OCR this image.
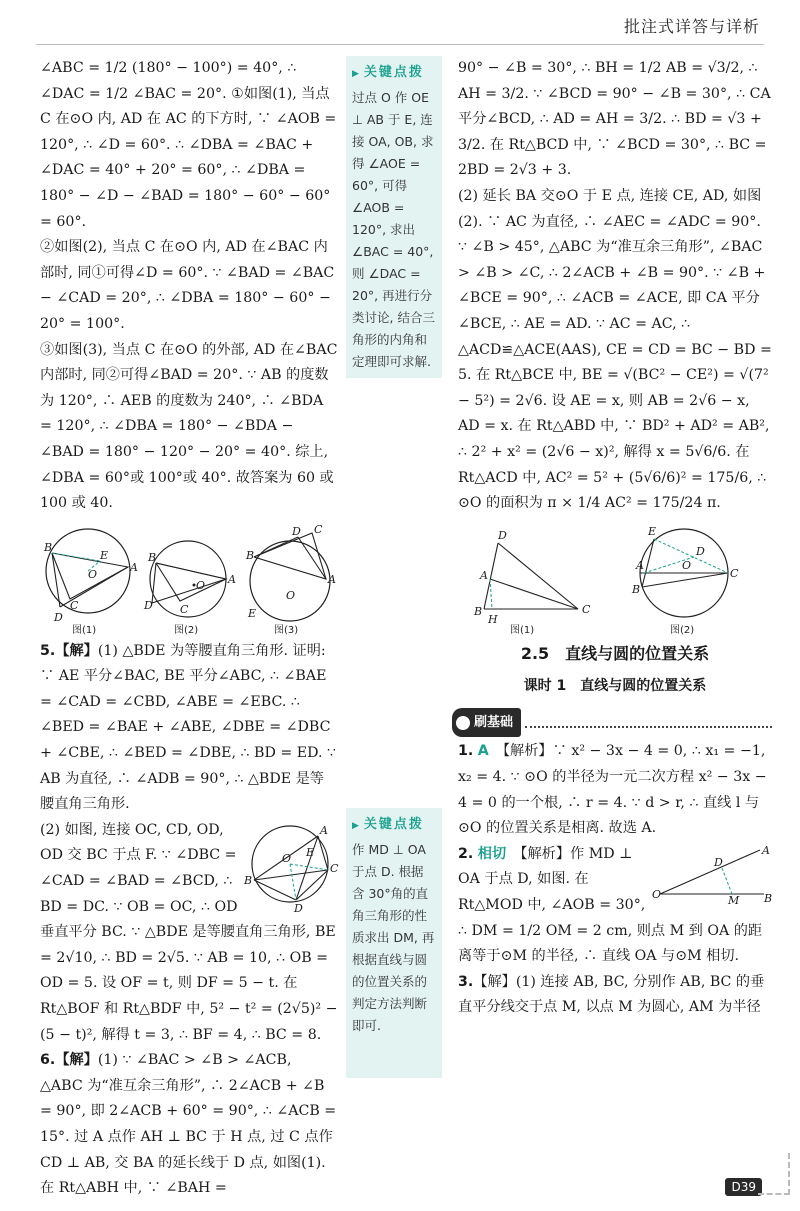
批注式详答与详析

∠ABC = 1/2 (180° − 100°) = 40°, ∴ ∠DAC = 1/2 ∠BAC = 20°. ①如图(1), 当点 C 在⊙O 内, AD 在 AC 的下方时, ∵ ∠AOB = 120°, ∴ ∠D = 60°. ∴ ∠DBA = ∠BAC + ∠DAC = 40° + 20° = 60°, ∴ ∠DBA = 180° − ∠D − ∠BAD = 180° − 60° − 60° = 60°.

②如图(2), 当点 C 在⊙O 内, AD 在∠BAC 内部时, 同①可得∠D = 60°. ∵ ∠BAD = ∠BAC − ∠CAD = 20°, ∴ ∠DBA = 180° − 60° − 20° = 100°.

③如图(3), 当点 C 在⊙O 的外部, AD 在∠BAC 内部时, 同②可得∠BAD = 20°. ∵ AB 的度数为 120°, ∴ AEB 的度数为 240°, ∴ ∠BDA = 120°, ∴ ∠DBA = 180° − ∠BDA − ∠BAD = 180° − 120° − 20° = 40°. 综上, ∠DBA = 60°或 100°或 40°. 故答案为 60 或 100 或 40.

B
A
C
D
E
O
图(1)
B
A
D C
O
图(2)
B
A
D C
E
O
图(3)

5.【解】(1) △BDE 为等腰直角三角形. 证明: ∵ AE 平分∠BAC, BE 平分∠ABC, ∴ ∠BAE = ∠CAD = ∠CBD, ∠ABE = ∠EBC. ∴ ∠BED = ∠BAE + ∠ABE, ∠DBE = ∠DBC + ∠CBE, ∴ ∠BED = ∠DBE, ∴ BD = ED. ∵ AB 为直径, ∴ ∠ADB = 90°, ∴ △BDE 是等腰直角三角形.

B
A
C
D
O E

(2) 如图, 连接 OC, CD, OD, OD 交 BC 于点 F. ∵ ∠DBC = ∠CAD = ∠BAD = ∠BCD, ∴ BD = DC. ∵ OB = OC, ∴ OD 垂直平分 BC. ∵ △BDE 是等腰直角三角形, BE = 2√10, ∴ BD = 2√5. ∵ AB = 10, ∴ OB = OD = 5. 设 OF = t, 则 DF = 5 − t. 在 Rt△BOF 和 Rt△BDF 中, 5² − t² = (2√5)² − (5 − t)², 解得 t = 3, ∴ BF = 4, ∴ BC = 8.

6.【解】(1) ∵ ∠BAC > ∠B > ∠ACB, △ABC 为“准互余三角形”, ∴ 2∠ACB + ∠B = 90°, 即 2∠ACB + 60° = 90°, ∴ ∠ACB = 15°. 过 A 点作 AH ⊥ BC 于 H 点, 过 C 点作 CD ⊥ AB, 交 BA 的延长线于 D 点, 如图(1). 在 Rt△ABH 中, ∵ ∠BAH =

▶ 关键点拨
过点 O 作 OE ⊥ AB 于 E, 连接 OA, OB, 求得 ∠AOE = 60°, 可得 ∠AOB = 120°, 求出 ∠BAC = 40°, 则 ∠DAC = 20°, 再进行分类讨论, 结合三角形的内角和定理即可求解.
▶ 关键点拨
作 MD ⊥ OA 于点 D. 根据含 30°角的直角三角形的性质求出 DM, 再根据直线与圆的位置关系的判定方法判断即可.

90° − ∠B = 30°, ∴ BH = 1/2 AB = √3/2, ∴ AH = 3/2. ∵ ∠BCD = 90° − ∠B = 30°, ∴ CA 平分∠BCD, ∴ AD = AH = 3/2. ∴ BD = √3 + 3/2. 在 Rt△BCD 中, ∵ ∠BCD = 30°, ∴ BC = 2BD = 2√3 + 3.

(2) 延长 BA 交⊙O 于 E 点, 连接 CE, AD, 如图(2). ∵ AC 为直径, ∴ ∠AEC = ∠ADC = 90°. ∵ ∠B > 45°, △ABC 为“准互余三角形”, ∠BAC > ∠B > ∠C, ∴ 2∠ACB + ∠B = 90°. ∵ ∠B + ∠BCE = 90°, ∴ ∠ACB = ∠ACE, 即 CA 平分∠BCE, ∴ AE = AD. ∵ AC = AC, ∴ △ACD≌△ACE(AAS), CE = CD = BC − BD = 5. 在 Rt△BCE 中, BE = √(BC² − CE²) = √(7² − 5²) = 2√6. 设 AE = x, 则 AB = 2√6 − x, AD = x. 在 Rt△ABD 中, ∵ BD² + AD² = AB², ∴ 2² + x² = (2√6 − x)², 解得 x = 5√6/6. 在 Rt△ACD 中, AC² = 5² + (5√6/6)² = 175/6, ∴ ⊙O 的面积为 π × 1/4 AC² = 175/24 π.

D
A
B
H
C
图(1)
E
A
B
D
O
C
图(2)
2.5　直线与圆的位置关系
课时 1　直线与圆的位置关系
刷基础

1. A　 【解析】∵ x² − 3x − 4 = 0, ∴ x₁ = −1, x₂ = 4. ∵ ⊙O 的半径为一元二次方程 x² − 3x − 4 = 0 的一个根, ∴ r = 4. ∵ d > r, ∴ 直线 l 与⊙O 的位置关系是相离. 故选 A.

O
A
D
M B

2. 相切　 【解析】作 MD ⊥ OA 于点 D, 如图. 在 Rt△MOD 中, ∠AOB = 30°, ∴ DM = 1/2 OM = 2 cm, 则点 M 到 OA 的距离等于⊙M 的半径, ∴ 直线 OA 与⊙M 相切.

3.【解】(1) 连接 AB, BC, 分别作 AB, BC 的垂直平分线交于点 M, 以点 M 为圆心, AM 为半径

D39
